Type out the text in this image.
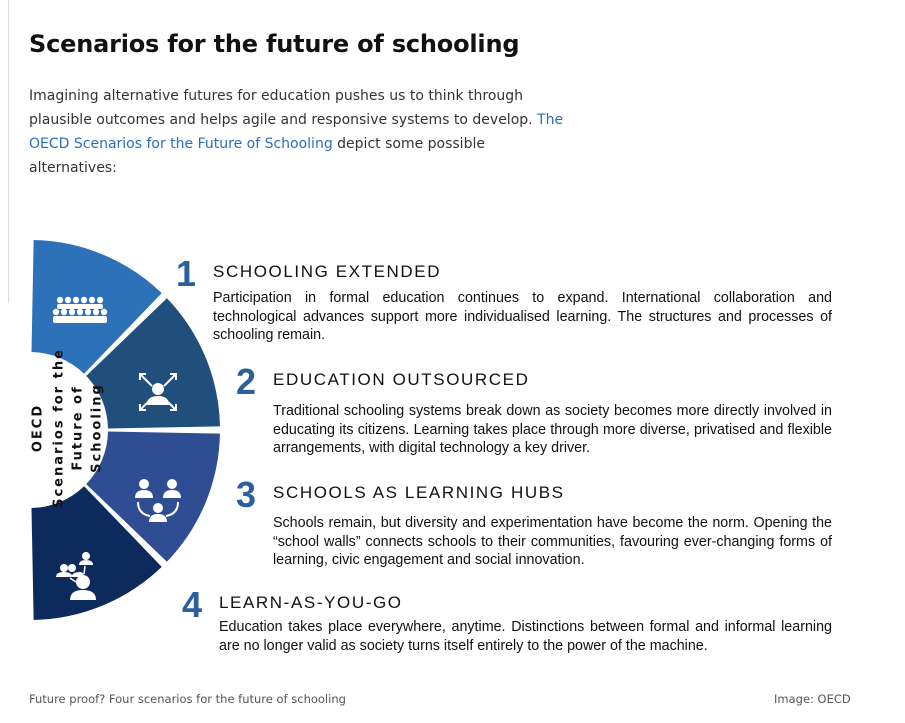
Scenarios for the future of schooling

Imagining alternative futures for education pushes us to think through plausible outcomes and helps agile and responsive systems to develop. The OECD Scenarios for the Future of Schooling depict some possible alternatives:

OECD Scenarios for the Future of Schooling
1 SCHOOLING EXTENDED

Participation in formal education continues to expand. International collaboration and technological advances support more individualised learning. The structures and processes of schooling remain.

2 EDUCATION OUTSOURCED

Traditional schooling systems break down as society becomes more directly involved in educating its citizens. Learning takes place through more diverse, privatised and flexible arrangements, with digital technology a key driver.

3 SCHOOLS AS LEARNING HUBS

Schools remain, but diversity and experimentation have become the norm. Opening the “school walls” connects schools to their communities, favouring ever-changing forms of learning, civic engagement and social innovation.

4 LEARN-AS-YOU-GO

Education takes place everywhere, anytime. Distinctions between formal and informal learning are no longer valid as society turns itself entirely to the power of the machine.

Future proof? Four scenarios for the future of schooling	Image: OECD
